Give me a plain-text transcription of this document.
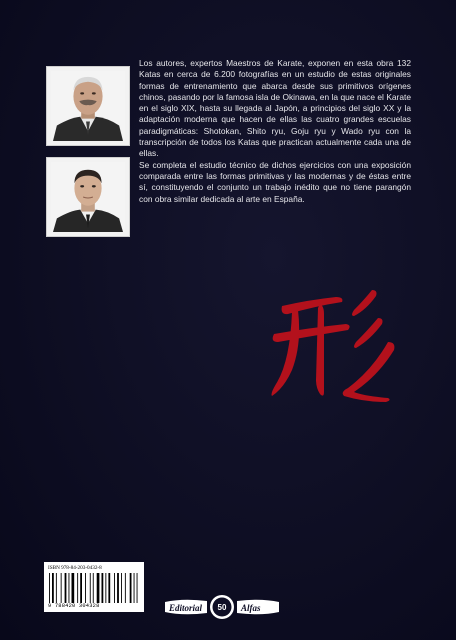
Los autores, expertos Maestros de Karate, exponen en esta obra 132 Katas en cerca de 6.200 fotografías en un estudio de estas originales formas de entrenamiento que abarca desde sus primitivos orígenes chinos, pasando por la famosa isla de Okinawa, en la que nace el Karate en el siglo XIX, hasta su llegada al Japón, a principios del siglo XX y la adaptación moderna que hacen de ellas las cuatro grandes escuelas paradigmáticas: Shotokan, Shito ryu, Goju ryu y Wado ryu con la transcripción de todos los Katas que practican actualmente cada una de ellas.

Se completa el estudio técnico de dichos ejercicios con una exposición comparada entre las formas primitivas y las modernas y de éstas entre sí, constituyendo el conjunto un trabajo inédito que no tiene parangón con obra similar dedicada al arte en España.

ISBN 978-84-203-0432-8
9 788420 304328	Editorial	Alfas
50
